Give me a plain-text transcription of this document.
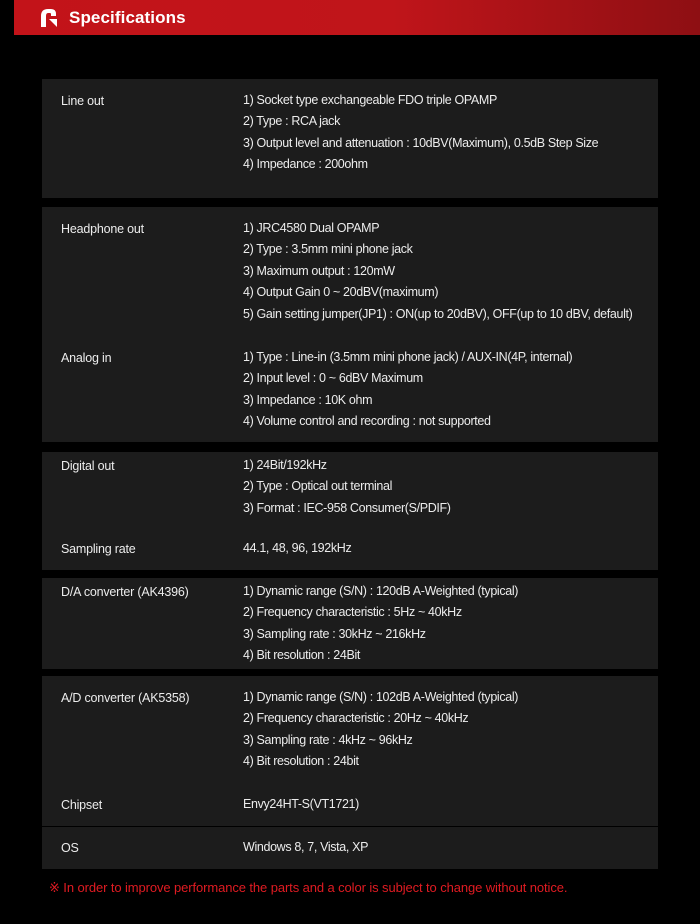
Specifications
Line out	1) Socket type exchangeable FDO triple OPAMP
2) Type : RCA jack
3) Output level and attenuation : 10dBV(Maximum), 0.5dB Step Size
4) Impedance : 200ohm
Headphone out	1) JRC4580 Dual OPAMP
2) Type : 3.5mm mini phone jack
3) Maximum output : 120mW
4) Output Gain 0 ~ 20dBV(maximum)
5) Gain setting jumper(JP1) : ON(up to 20dBV), OFF(up to 10 dBV, default)
Analog in	1) Type : Line-in (3.5mm mini phone jack) / AUX-IN(4P, internal)
2) Input level : 0 ~ 6dBV Maximum
3) Impedance : 10K ohm
4) Volume control and recording : not supported
Digital out	1) 24Bit/192kHz
2) Type : Optical out terminal
3) Format : IEC-958 Consumer(S/PDIF)
Sampling rate	44.1, 48, 96, 192kHz
D/A converter (AK4396)	1) Dynamic range (S/N) : 120dB A-Weighted (typical)
2) Frequency characteristic : 5Hz ~ 40kHz
3) Sampling rate : 30kHz ~ 216kHz
4) Bit resolution : 24Bit
A/D converter (AK5358)	1) Dynamic range (S/N) : 102dB A-Weighted (typical)
2) Frequency characteristic : 20Hz ~ 40kHz
3) Sampling rate : 4kHz ~ 96kHz
4) Bit resolution : 24bit
Chipset	Envy24HT-S(VT1721)
OS	Windows 8, 7, Vista, XP
※ In order to improve performance the parts and a color is subject to change without notice.
